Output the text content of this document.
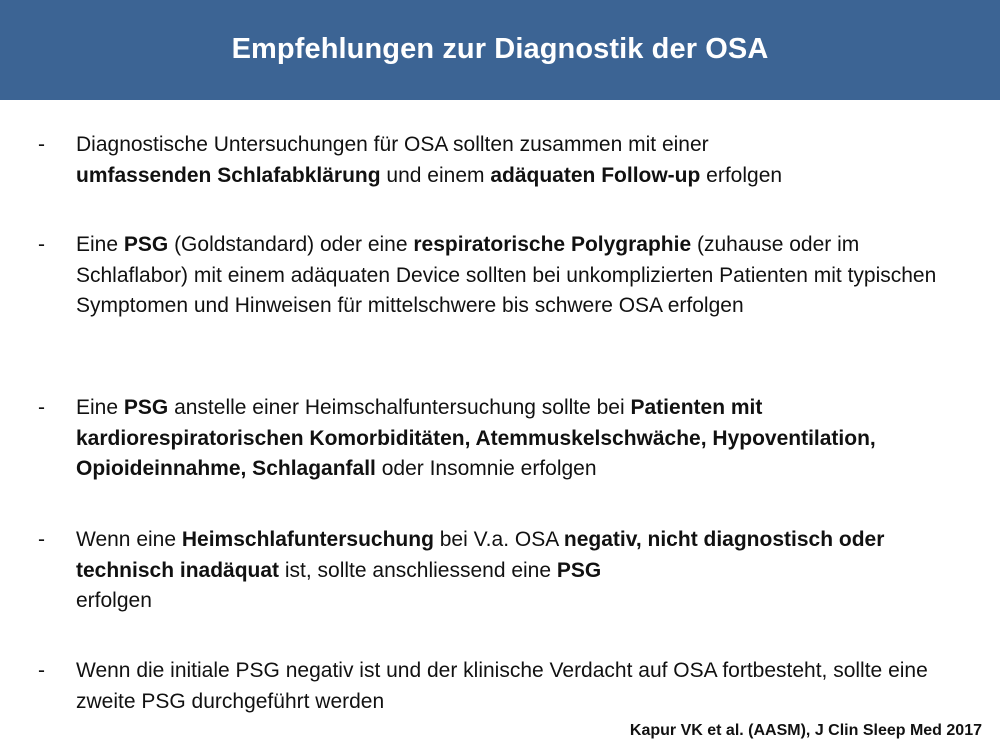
Empfehlungen zur Diagnostik der OSA
- Diagnostische Untersuchungen für OSA sollten zusammen mit einer
umfassenden Schlafabklärung und einem adäquaten Follow-up erfolgen
- Eine PSG (Goldstandard) oder eine respiratorische Polygraphie (zuhause oder im Schlaflabor) mit einem adäquaten Device sollten bei unkomplizierten Patienten mit typischen Symptomen und Hinweisen für mittelschwere bis schwere OSA erfolgen
- Eine PSG anstelle einer Heimschalfuntersuchung sollte bei Patienten mit kardiorespiratorischen Komorbiditäten, Atemmuskelschwäche, Hypoventilation, Opioideinnahme, Schlaganfall oder Insomnie erfolgen
- Wenn eine Heimschlafuntersuchung bei V.a. OSA negativ, nicht diagnostisch oder technisch inadäquat ist, sollte anschliessend eine PSG
erfolgen
- Wenn die initiale PSG negativ ist und der klinische Verdacht auf OSA fortbesteht, sollte eine zweite PSG durchgeführt werden
Kapur VK et al. (AASM), J Clin Sleep Med 2017
